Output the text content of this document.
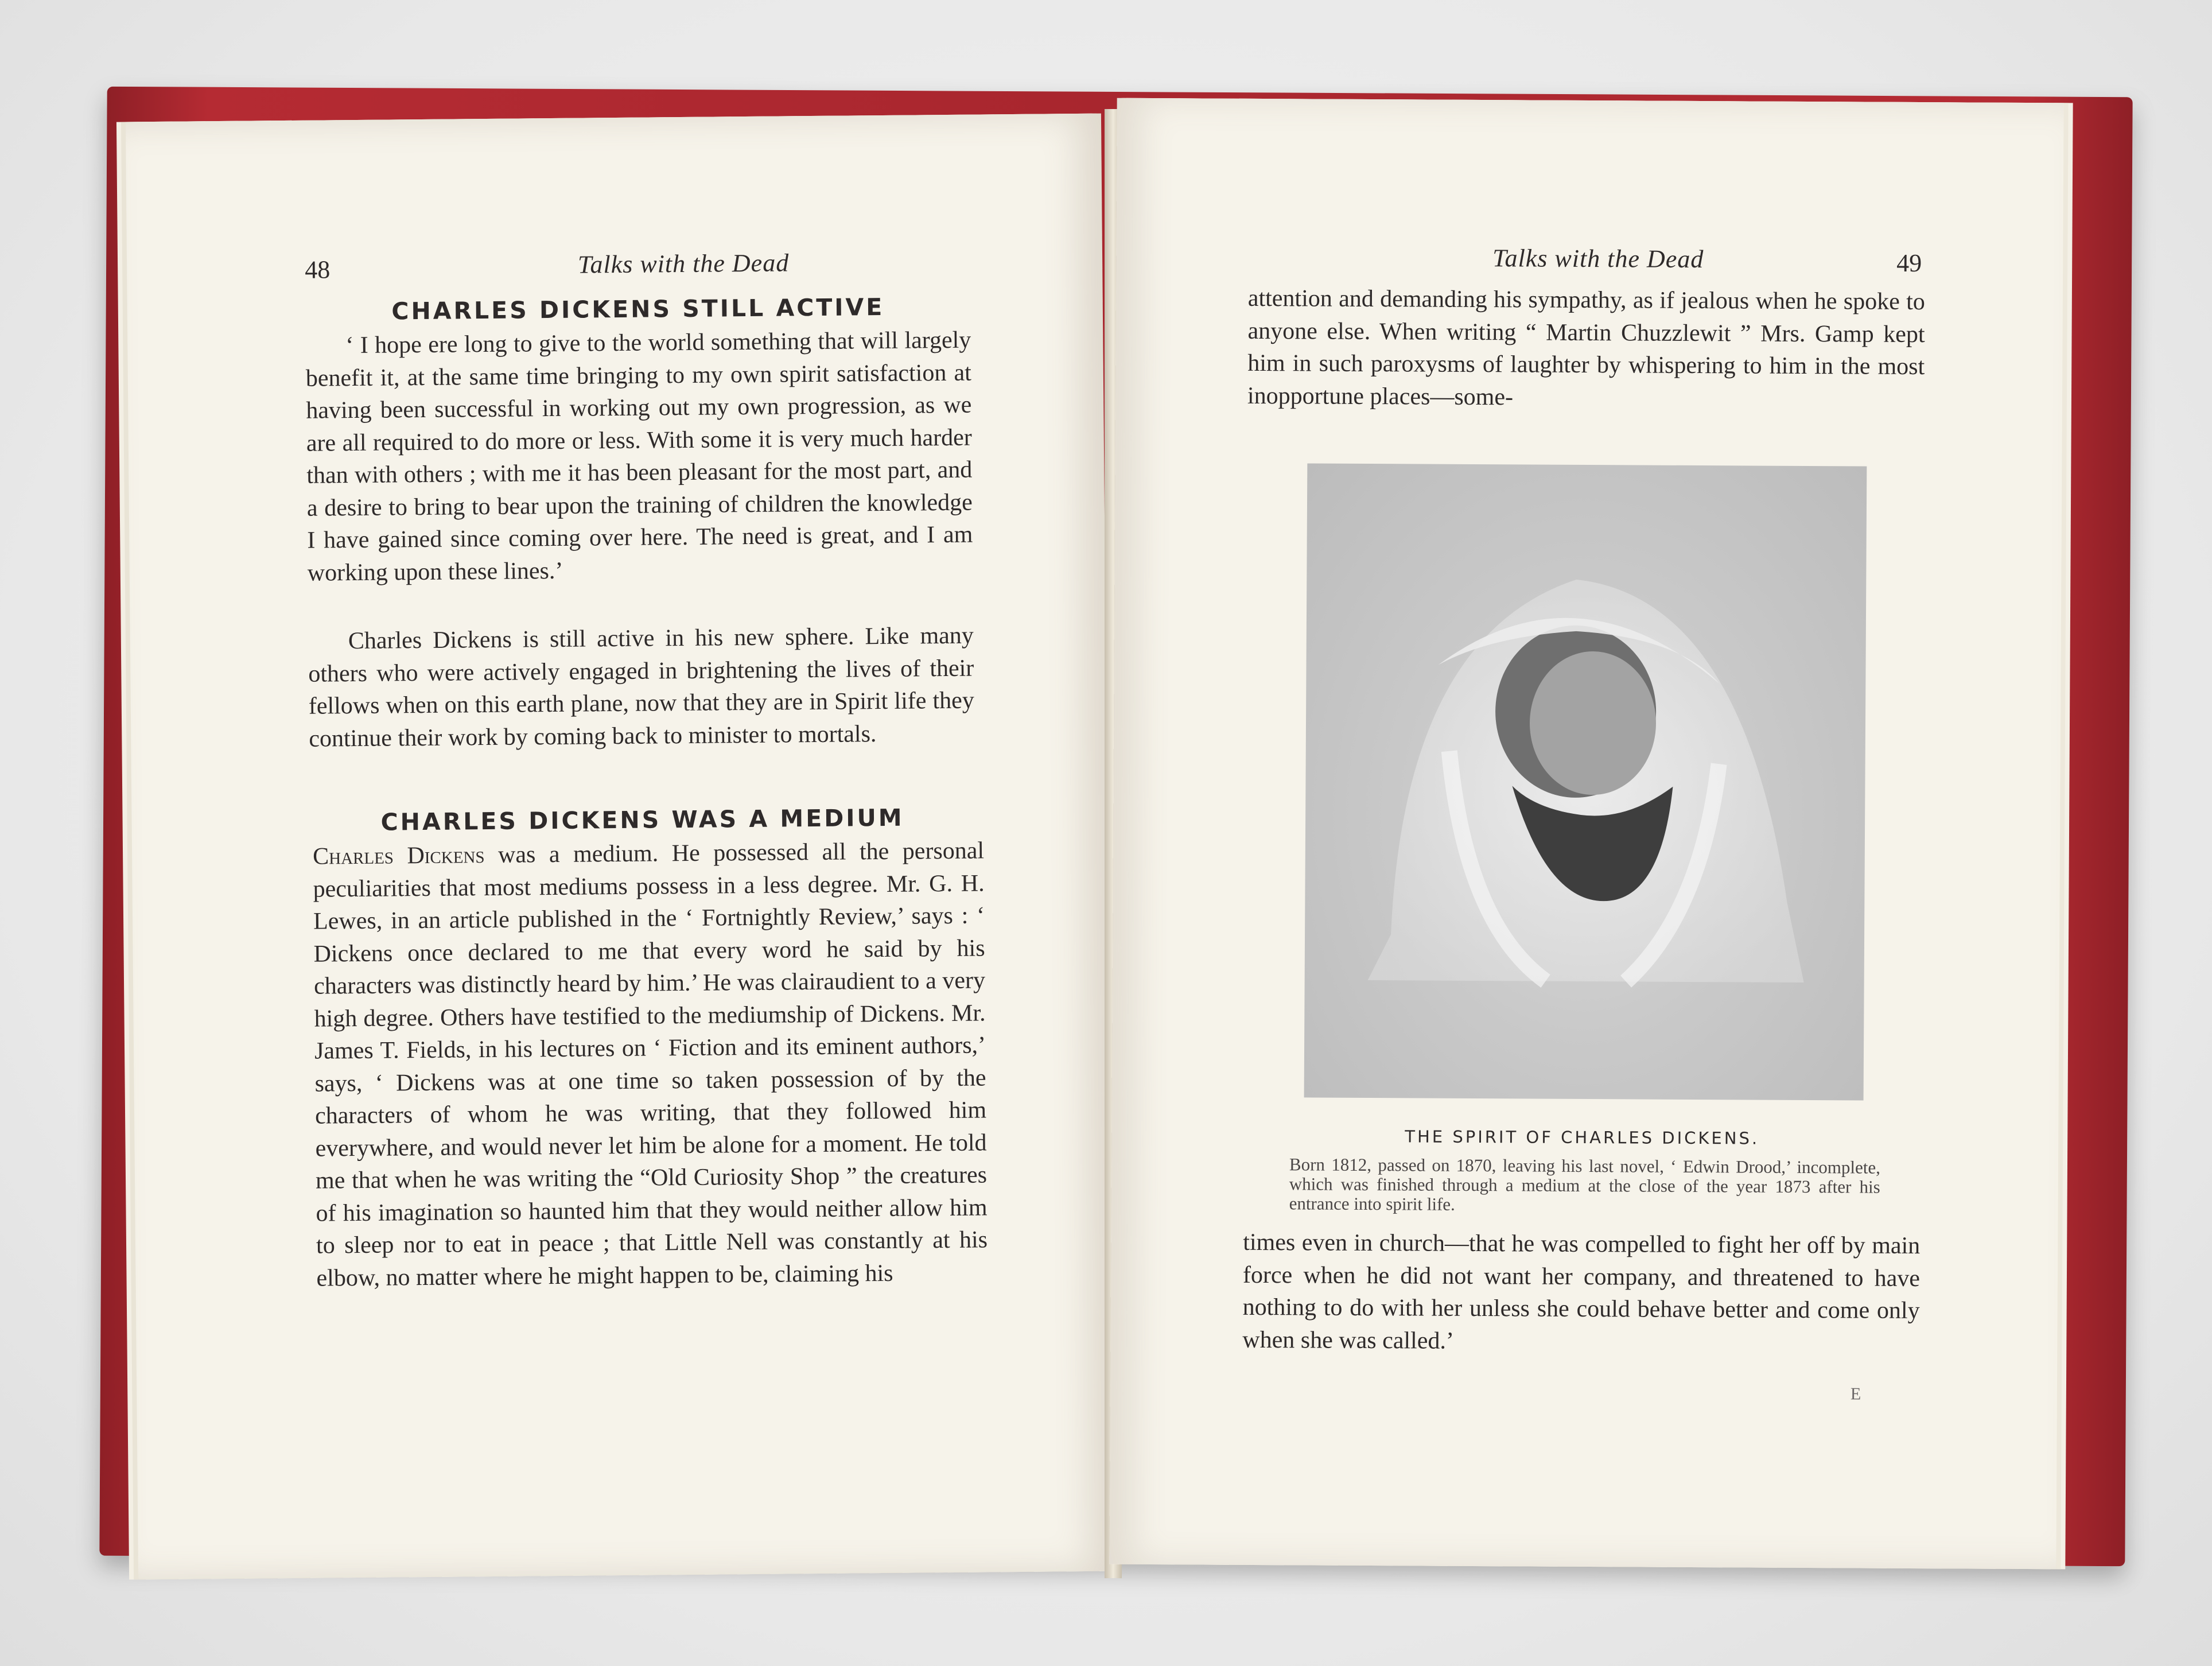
48	Talks with the Dead
CHARLES DICKENS STILL ACTIVE

‘ I hope ere long to give to the world something that will largely benefit it, at the same time bringing to my own spirit satisfaction at having been successful in working out my own progression, as we are all required to do more or less. With some it is very much harder than with others ; with me it has been pleasant for the most part, and a desire to bring to bear upon the training of children the knowledge I have gained since coming over here. The need is great, and I am working upon these lines.’

Charles Dickens is still active in his new sphere. Like many others who were actively engaged in brightening the lives of their fellows when on this earth plane, now that they are in Spirit life they continue their work by coming back to minister to mortals.

CHARLES DICKENS WAS A MEDIUM

Charles Dickens was a medium. He possessed all the personal peculiarities that most mediums possess in a less degree. Mr. G. H. Lewes, in an article published in the ‘ Fortnightly Review,’ says : ‘ Dickens once declared to me that every word he said by his characters was distinctly heard by him.’ He was clairaudient to a very high degree. Others have testified to the mediumship of Dickens. Mr. James T. Fields, in his lectures on ‘ Fiction and its eminent authors,’ says, ‘ Dickens was at one time so taken possession of by the characters of whom he was writing, that they followed him everywhere, and would never let him be alone for a moment. He told me that when he was writing the “Old Curiosity Shop ” the creatures of his imagination so haunted him that they would neither allow him to sleep nor to eat in peace ; that Little Nell was constantly at his elbow, no matter where he might happen to be, claiming his

Talks with the Dead	49

attention and demanding his sympathy, as if jealous when he spoke to anyone else. When writing “ Martin Chuzzlewit ” Mrs. Gamp kept him in such paroxysms of laughter by whispering to him in the most inopportune places—some-

THE SPIRIT OF CHARLES DICKENS.

Born 1812, passed on 1870, leaving his last novel, ‘ Edwin Drood,’ incomplete, which was finished through a medium at the close of the year 1873 after his entrance into spirit life.

times even in church—that he was compelled to fight her off by main force when he did not want her company, and threatened to have nothing to do with her unless she could behave better and come only when she was called.’

E
